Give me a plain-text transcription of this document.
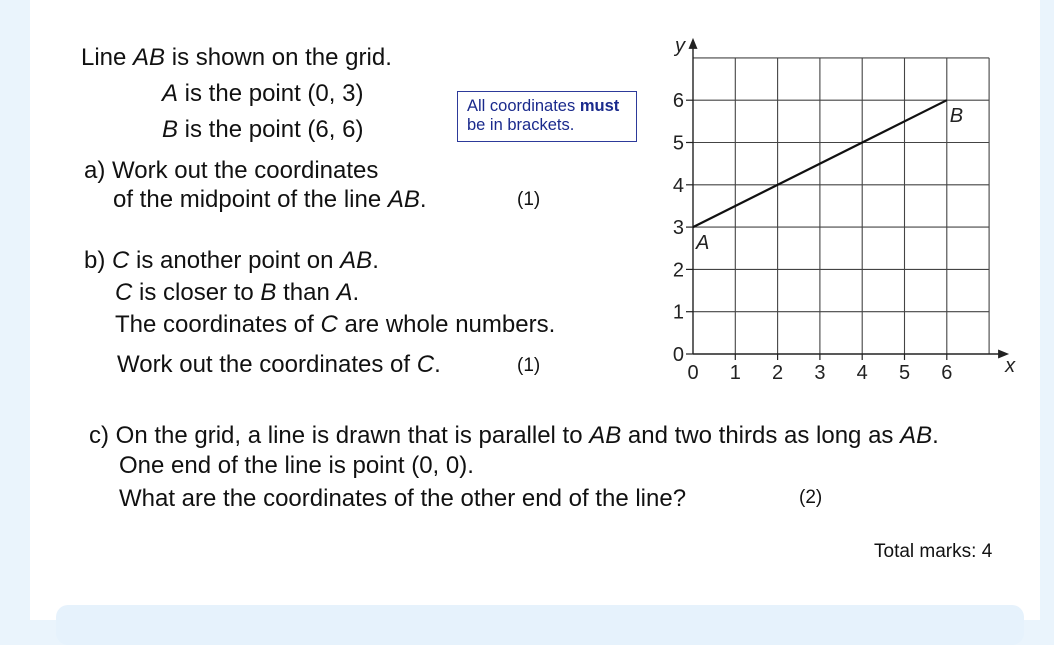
Line AB is shown on the grid.
A is the point (0, 3)
B is the point (6, 6)
All coordinates must
be in brackets.
a) Work out the coordinates
of the midpoint of the line AB.	(1)
b) C is another point on AB.
C is closer to B than A.
The coordinates of C are whole numbers.
Work out the coordinates of C.	(1)
c) On the grid, a line is drawn that is parallel to AB and two thirds as long as AB.
One end of the line is point (0, 0).
What are the coordinates of the other end of the line?	(2)
Total marks: 4
0 1 2 3 4 5 6
0
1
2
3
4
5
6
x
y
A
B
